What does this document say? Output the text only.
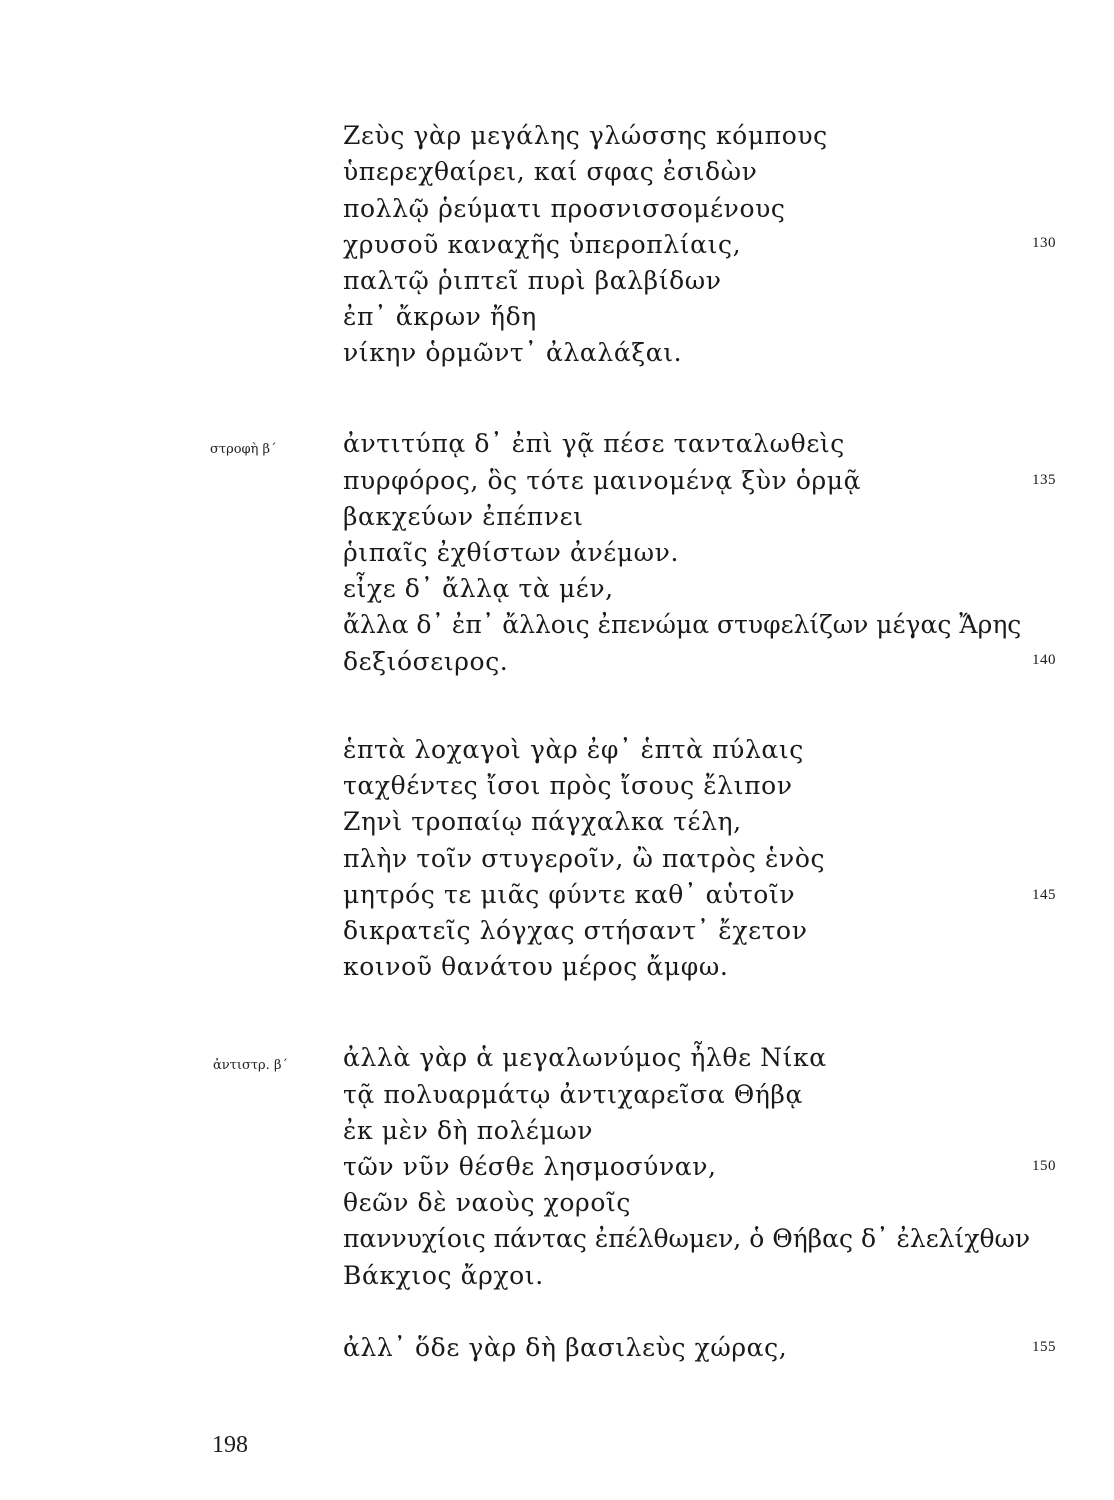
Ζεὺς γὰρ μεγάλης γλώσσης κόμπους
ὑπερεχθαίρει, καί σφας ἐσιδὼν
πολλῷ ῥεύματι προσνισσομένους
χρυσοῦ καναχῆς ὑπεροπλίαις,	130
παλτῷ ῥιπτεῖ πυρὶ βαλβίδων
ἐπ᾽ ἄκρων ἤδη
νίκην ὁρμῶντ᾽ ἀλαλάξαι.
στροφὴ β΄	ἀντιτύπᾳ δ᾽ ἐπὶ γᾷ πέσε τανταλωθεὶς
πυρφόρος, ὃς τότε μαινομένᾳ ξὺν ὁρμᾷ	135
βακχεύων ἐπέπνει
ῥιπαῖς ἐχθίστων ἀνέμων.
εἶχε δ᾽ ἄλλᾳ τὰ μέν,
ἄλλα δ᾽ ἐπ᾽ ἄλλοις ἐπενώμα στυφελίζων μέγας Ἄρης
δεξιόσειρος.	140
ἑπτὰ λοχαγοὶ γὰρ ἐφ᾽ ἑπτὰ πύλαις
ταχθέντες ἴσοι πρὸς ἴσους ἔλιπον
Ζηνὶ τροπαίῳ πάγχαλκα τέλη,
πλὴν τοῖν στυγεροῖν, ὢ πατρὸς ἑνὸς
μητρός τε μιᾶς φύντε καθ᾽ αὑτοῖν	145
δικρατεῖς λόγχας στήσαντ᾽ ἔχετον
κοινοῦ θανάτου μέρος ἄμφω.
ἀντιστρ. β΄ ἀλλὰ γὰρ ἁ μεγαλωνύμος ἦλθε Νίκα
τᾷ πολυαρμάτῳ ἀντιχαρεῖσα Θήβᾳ
ἐκ μὲν δὴ πολέμων
τῶν νῦν θέσθε λησμοσύναν,	150
θεῶν δὲ ναοὺς χοροῖς
παννυχίοις πάντας ἐπέλθωμεν, ὁ Θήβας δ᾽ ἐλελίχθων
Βάκχιος ἄρχοι.
ἀλλ᾽ ὅδε γὰρ δὴ βασιλεὺς χώρας,	155
198
